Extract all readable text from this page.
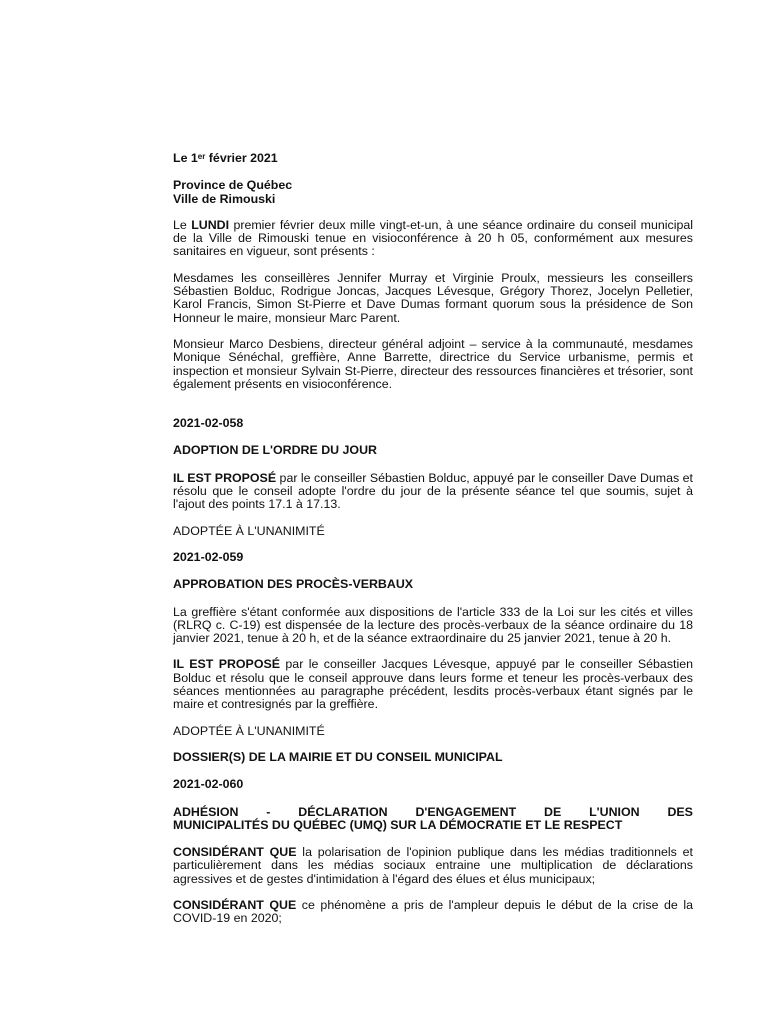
Le 1er février 2021

Province de Québec

Ville de Rimouski

Le LUNDI premier février deux mille vingt-et-un, à une séance ordinaire du conseil municipal de la Ville de Rimouski tenue en visioconférence à 20 h 05, conformément aux mesures sanitaires en vigueur, sont présents :

Mesdames les conseillères Jennifer Murray et Virginie Proulx, messieurs les conseillers Sébastien Bolduc, Rodrigue Joncas, Jacques Lévesque, Grégory Thorez, Jocelyn Pelletier, Karol Francis, Simon St-Pierre et Dave Dumas formant quorum sous la présidence de Son Honneur le maire, monsieur Marc Parent.

Monsieur Marco Desbiens, directeur général adjoint – service à la communauté, mesdames Monique Sénéchal, greffière, Anne Barrette, directrice du Service urbanisme, permis et inspection et monsieur Sylvain St-Pierre, directeur des ressources financières et trésorier, sont également présents en visioconférence.

2021-02-058

ADOPTION DE L'ORDRE DU JOUR

IL EST PROPOSÉ par le conseiller Sébastien Bolduc, appuyé par le conseiller Dave Dumas et résolu que le conseil adopte l'ordre du jour de la présente séance tel que soumis, sujet à l'ajout des points 17.1 à 17.13.

ADOPTÉE À L'UNANIMITÉ

2021-02-059

APPROBATION DES PROCÈS-VERBAUX

La greffière s'étant conformée aux dispositions de l'article 333 de la Loi sur les cités et villes (RLRQ c. C-19) est dispensée de la lecture des procès-verbaux de la séance ordinaire du 18 janvier 2021, tenue à 20 h, et de la séance extraordinaire du 25 janvier 2021, tenue à 20 h.

IL EST PROPOSÉ par le conseiller Jacques Lévesque, appuyé par le conseiller Sébastien Bolduc et résolu que le conseil approuve dans leurs forme et teneur les procès-verbaux des séances mentionnées au paragraphe précédent, lesdits procès-verbaux étant signés par le maire et contresignés par la greffière.

ADOPTÉE À L'UNANIMITÉ

DOSSIER(S) DE LA MAIRIE ET DU CONSEIL MUNICIPAL

2021-02-060

ADHÉSION - DÉCLARATION D'ENGAGEMENT DE L'UNION DES

MUNICIPALITÉS DU QUÉBEC (UMQ) SUR LA DÉMOCRATIE ET LE RESPECT

CONSIDÉRANT QUE la polarisation de l'opinion publique dans les médias traditionnels et particulièrement dans les médias sociaux entraine une multiplication de déclarations agressives et de gestes d'intimidation à l'égard des élues et élus municipaux;

CONSIDÉRANT QUE ce phénomène a pris de l'ampleur depuis le début de la crise de la COVID-19 en 2020;
